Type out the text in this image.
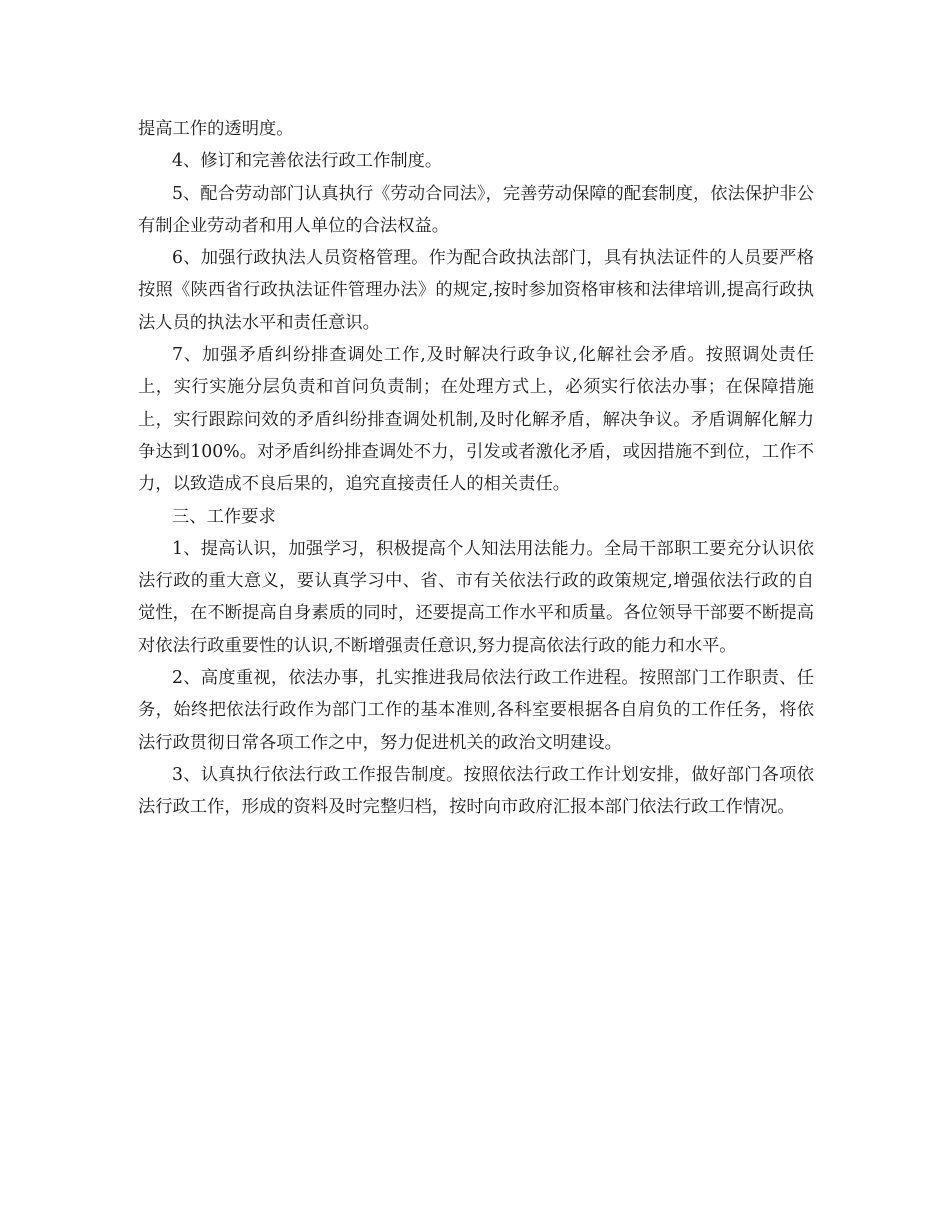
提高工作的透明度。

4、修订和完善依法行政工作制度。

5、配合劳动部门认真执行《劳动合同法》，完善劳动保障的配套制度，依法保护非公有制企业劳动者和用人单位的合法权益。

6、加强行政执法人员资格管理。作为配合政执法部门，具有执法证件的人员要严格按照《陕西省行政执法证件管理办法》的规定,按时参加资格审核和法律培训,提高行政执法人员的执法水平和责任意识。

7、加强矛盾纠纷排查调处工作,及时解决行政争议,化解社会矛盾。按照调处责任上，实行实施分层负责和首问负责制；在处理方式上，必须实行依法办事；在保障措施上，实行跟踪问效的矛盾纠纷排查调处机制,及时化解矛盾，解决争议。矛盾调解化解力争达到100%。对矛盾纠纷排查调处不力，引发或者激化矛盾，或因措施不到位，工作不力，以致造成不良后果的，追究直接责任人的相关责任。

三、工作要求

1、提高认识，加强学习，积极提高个人知法用法能力。全局干部职工要充分认识依法行政的重大意义，要认真学习中、省、市有关依法行政的政策规定,增强依法行政的自觉性，在不断提高自身素质的同时，还要提高工作水平和质量。各位领导干部要不断提高对依法行政重要性的认识,不断增强责任意识,努力提高依法行政的能力和水平。

2、高度重视，依法办事，扎实推进我局依法行政工作进程。按照部门工作职责、任务，始终把依法行政作为部门工作的基本准则,各科室要根据各自肩负的工作任务，将依法行政贯彻日常各项工作之中，努力促进机关的政治文明建设。

3、认真执行依法行政工作报告制度。按照依法行政工作计划安排，做好部门各项依法行政工作，形成的资料及时完整归档，按时向市政府汇报本部门依法行政工作情况。
